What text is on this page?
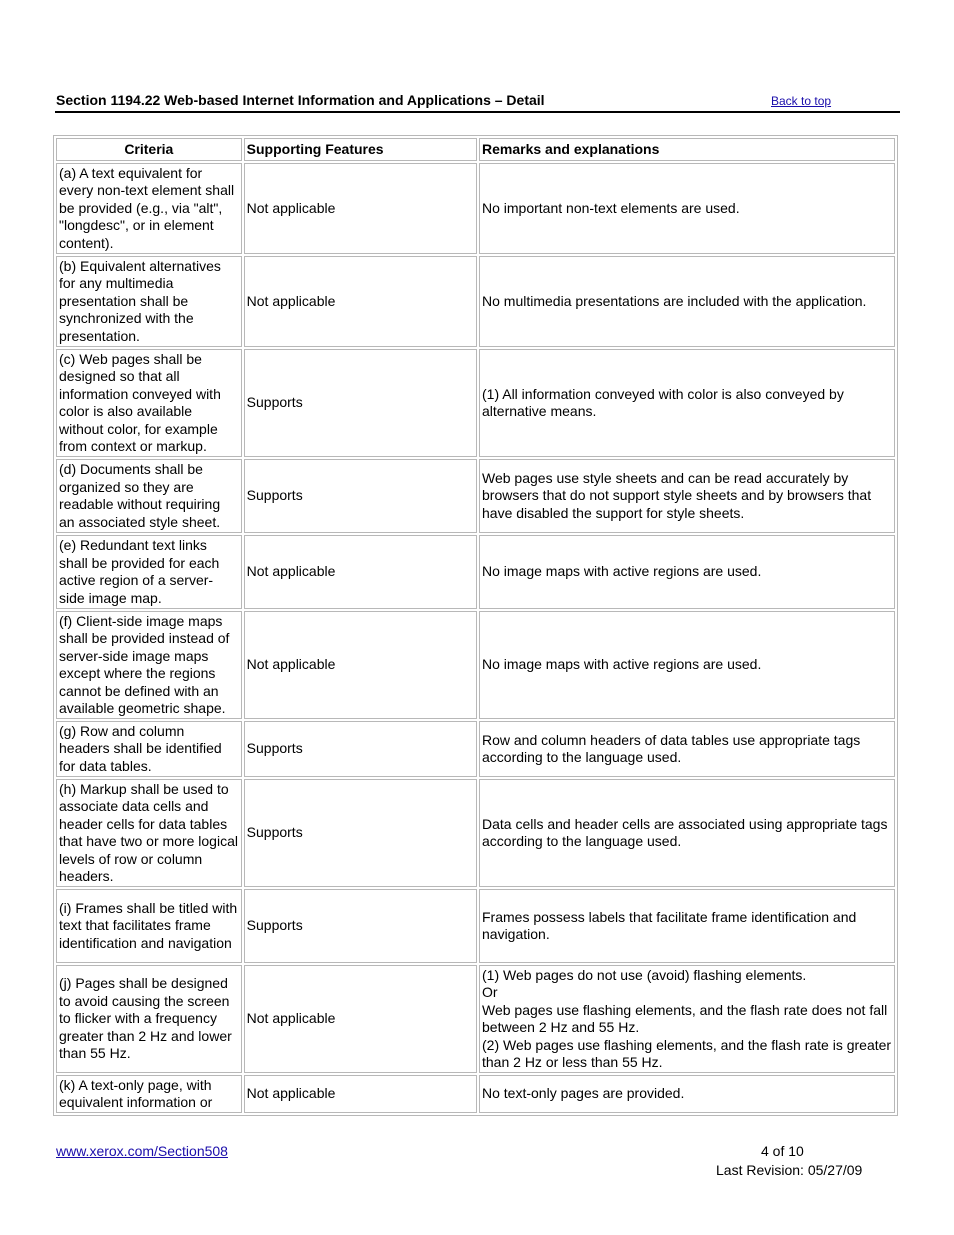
Section 1194.22 Web-based Internet Information and Applications – Detail	Back to top
Criteria	Supporting Features	Remarks and explanations
(a) A text equivalent for every non-text element shall be provided (e.g., via "alt", "longdesc", or in element content).	Not applicable	No important non-text elements are used.
(b) Equivalent alternatives for any multimedia presentation shall be synchronized with the presentation.	Not applicable	No multimedia presentations are included with the application.
(c) Web pages shall be designed so that all information conveyed with color is also available without color, for example from context or markup.	Supports	(1) All information conveyed with color is also conveyed by alternative means.
(d) Documents shall be organized so they are readable without requiring an associated style sheet.	Supports	Web pages use style sheets and can be read accurately by browsers that do not support style sheets and by browsers that have disabled the support for style sheets.
(e) Redundant text links shall be provided for each active region of a server-side image map.	Not applicable	No image maps with active regions are used.
(f) Client-side image maps shall be provided instead of server-side image maps except where the regions cannot be defined with an available geometric shape.	Not applicable	No image maps with active regions are used.
(g) Row and column headers shall be identified for data tables.	Supports	Row and column headers of data tables use appropriate tags according to the language used.
(h) Markup shall be used to associate data cells and header cells for data tables that have two or more logical levels of row or column headers.	Supports	Data cells and header cells are associated using appropriate tags according to the language used.
(i) Frames shall be titled with text that facilitates frame identification and navigation	Supports	Frames possess labels that facilitate frame identification and navigation.
(j) Pages shall be designed to avoid causing the screen to flicker with a frequency greater than 2 Hz and lower than 55 Hz.	Not applicable	(1) Web pages do not use (avoid) flashing elements.
Or
Web pages use flashing elements, and the flash rate does not fall between 2 Hz and 55 Hz.
(2) Web pages use flashing elements, and the flash rate is greater than 2 Hz or less than 55 Hz.

(k) A text-only page, with equivalent information or	Not applicable	No text-only pages are provided.
www.xerox.com/Section508	4 of 10
Last Revision: 05/27/09
